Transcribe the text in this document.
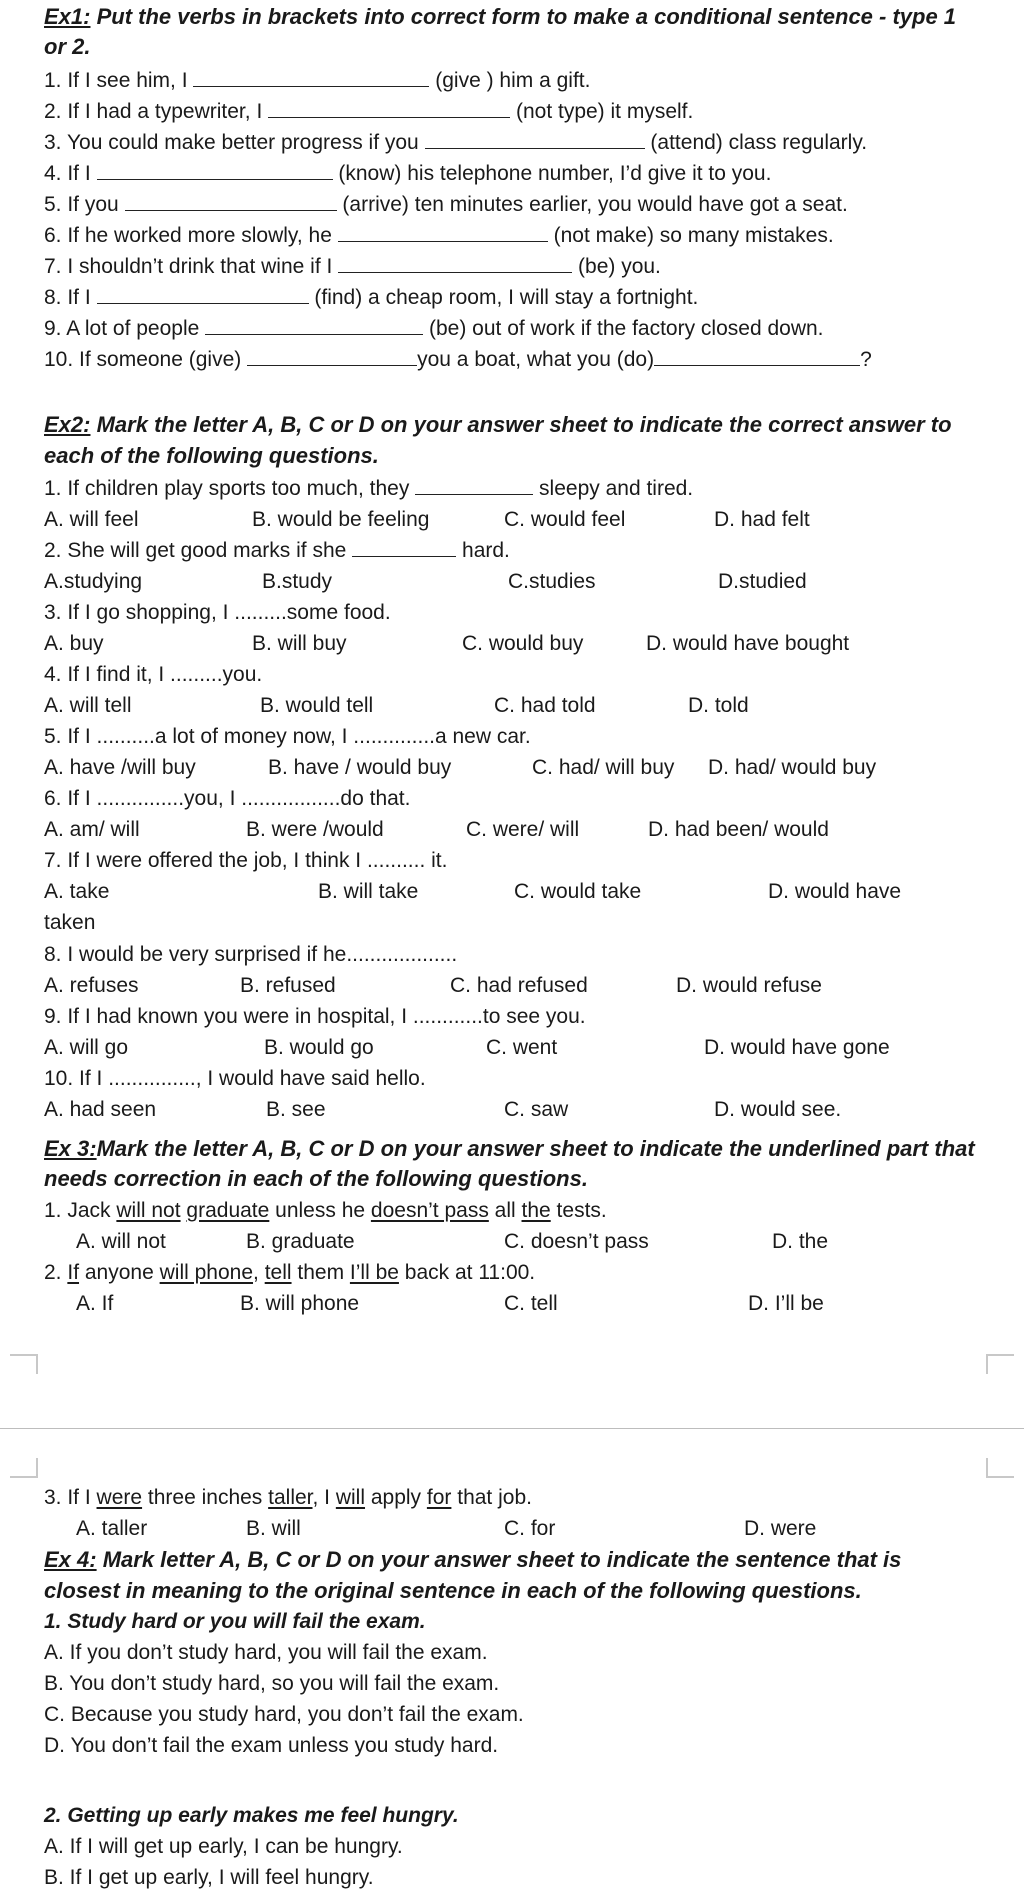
Ex1: Put the verbs in brackets into correct form to make a conditional sentence - type 1
or 2.
1. If I see him, I	(give ) him a gift.
2. If I had a typewriter, I	(not type) it myself.
3. You could make better progress if you	(attend) class regularly.
4. If I	(know) his telephone number, I’d give it to you.
5. If you	(arrive) ten minutes earlier, you would have got a seat.
6. If he worked more slowly, he	(not make) so many mistakes.
7. I shouldn’t drink that wine if I	(be) you.
8. If I	(find) a cheap room, I will stay a fortnight.
9. A lot of people	(be) out of work if the factory closed down.
10. If someone (give)	you a boat, what you (do)	?
Ex2: Mark the letter A, B, C or D on your answer sheet to indicate the correct answer to
each of the following questions.
1. If children play sports too much, they	sleepy and tired.
A. will feel	B. would be feeling	C. would feel	D. had felt
2. She will get good marks if she	hard.
A.studying	B.study	C.studies	D.studied
3. If I go shopping, I .........some food.
A. buy	B. will buy	C. would buy	D. would have bought
4. If I find it, I .........you.
A. will tell	B. would tell	C. had told	D. told
5. If I ..........a lot of money now, I ..............a new car.
A. have /will buy	B. have / would buy	C. had/ will buy D. had/ would buy
6. If I ...............you, I .................do that.
A. am/ will	B. were /would	C. were/ will	D. had been/ would
7. If I were offered the job, I think I .......... it.
A. take	B. will take	C. would take	D. would have
taken
8. I would be very surprised if he...................
A. refuses	B. refused	C. had refused	D. would refuse
9. If I had known you were in hospital, I ............to see you.
A. will go	B. would go	C. went	D. would have gone
10. If I ..............., I would have said hello.
A. had seen	B. see	C. saw	D. would see.
Ex 3:Mark the letter A, B, C or D on your answer sheet to indicate the underlined part that
needs correction in each of the following questions.
1. Jack will not graduate unless he doesn’t pass all the tests.
A. will not	B. graduate	C. doesn’t pass	D. the
2. If anyone will phone, tell them I’ll be back at 11:00.
A. If	B. will phone	C. tell	D. I’ll be
3. If I were three inches taller, I will apply for that job.
A. taller	B. will	C. for	D. were
Ex 4: Mark letter A, B, C or D on your answer sheet to indicate the sentence that is
closest in meaning to the original sentence in each of the following questions.
1. Study hard or you will fail the exam.
A. If you don’t study hard, you will fail the exam.
B. You don’t study hard, so you will fail the exam.
C. Because you study hard, you don’t fail the exam.
D. You don’t fail the exam unless you study hard.
2. Getting up early makes me feel hungry.
A. If I will get up early, I can be hungry.
B. If I get up early, I will feel hungry.
